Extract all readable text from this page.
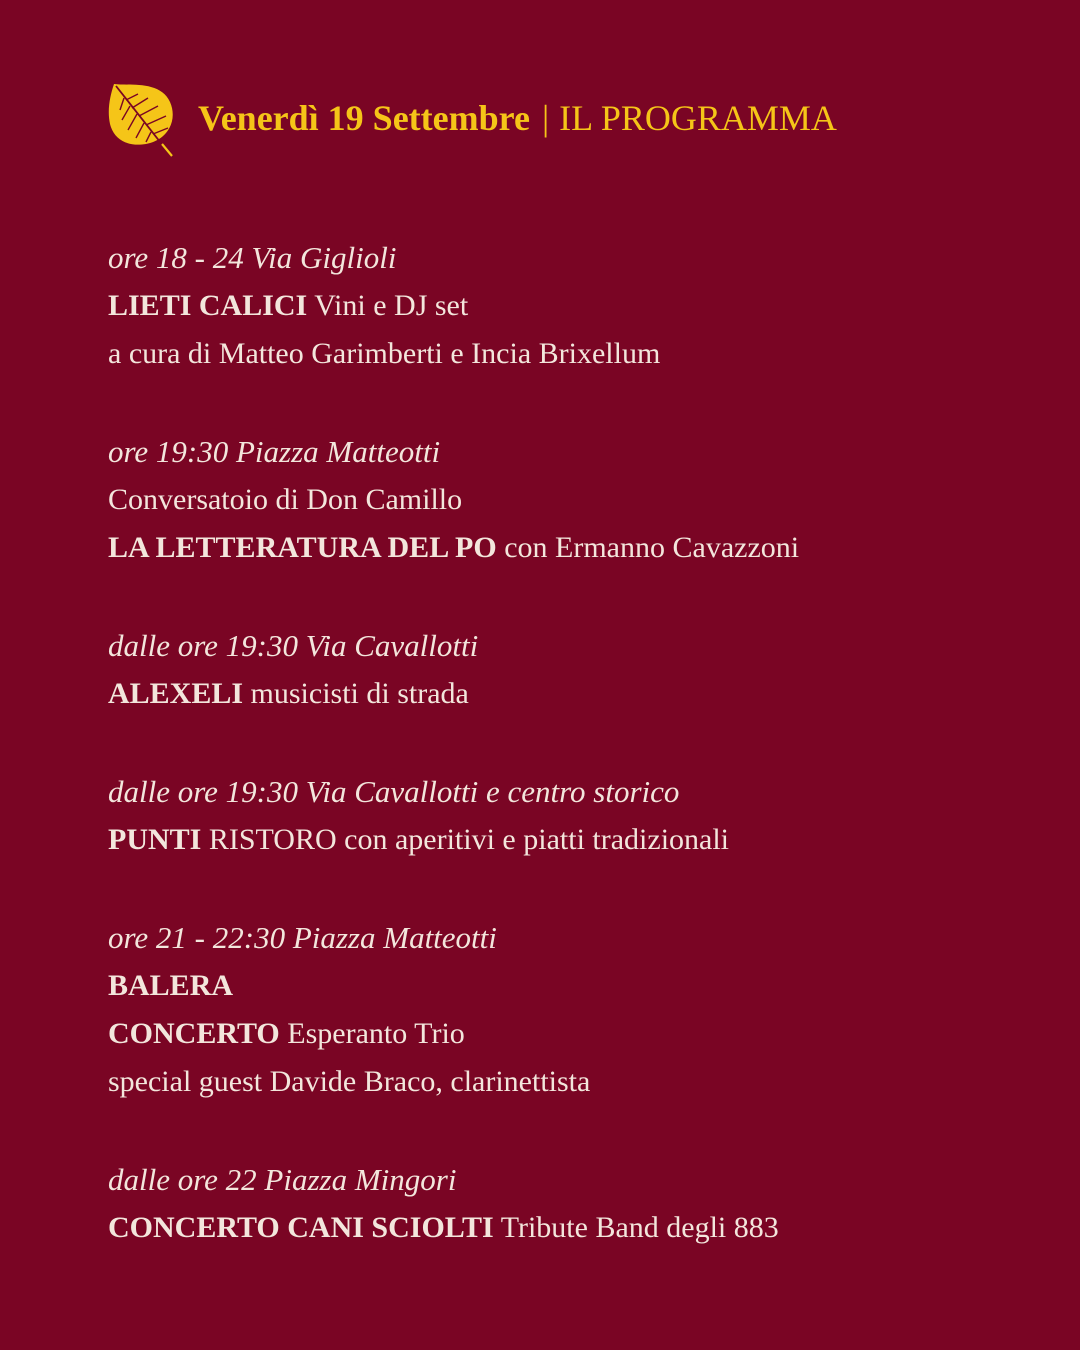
Venerdì 19 Settembre | IL PROGRAMMA
ore 18 - 24 Via Giglioli
LIETI CALICI Vini e DJ set
a cura di Matteo Garimberti e Incia Brixellum
ore 19:30 Piazza Matteotti
Conversatoio di Don Camillo
LA LETTERATURA DEL PO con Ermanno Cavazzoni
dalle ore 19:30 Via Cavallotti
ALEXELI musicisti di strada
dalle ore 19:30 Via Cavallotti e centro storico
PUNTI RISTORO con aperitivi e piatti tradizionali
ore 21 - 22:30 Piazza Matteotti
BALERA
CONCERTO Esperanto Trio
special guest Davide Braco, clarinettista
dalle ore 22 Piazza Mingori
CONCERTO CANI SCIOLTI Tribute Band degli 883
